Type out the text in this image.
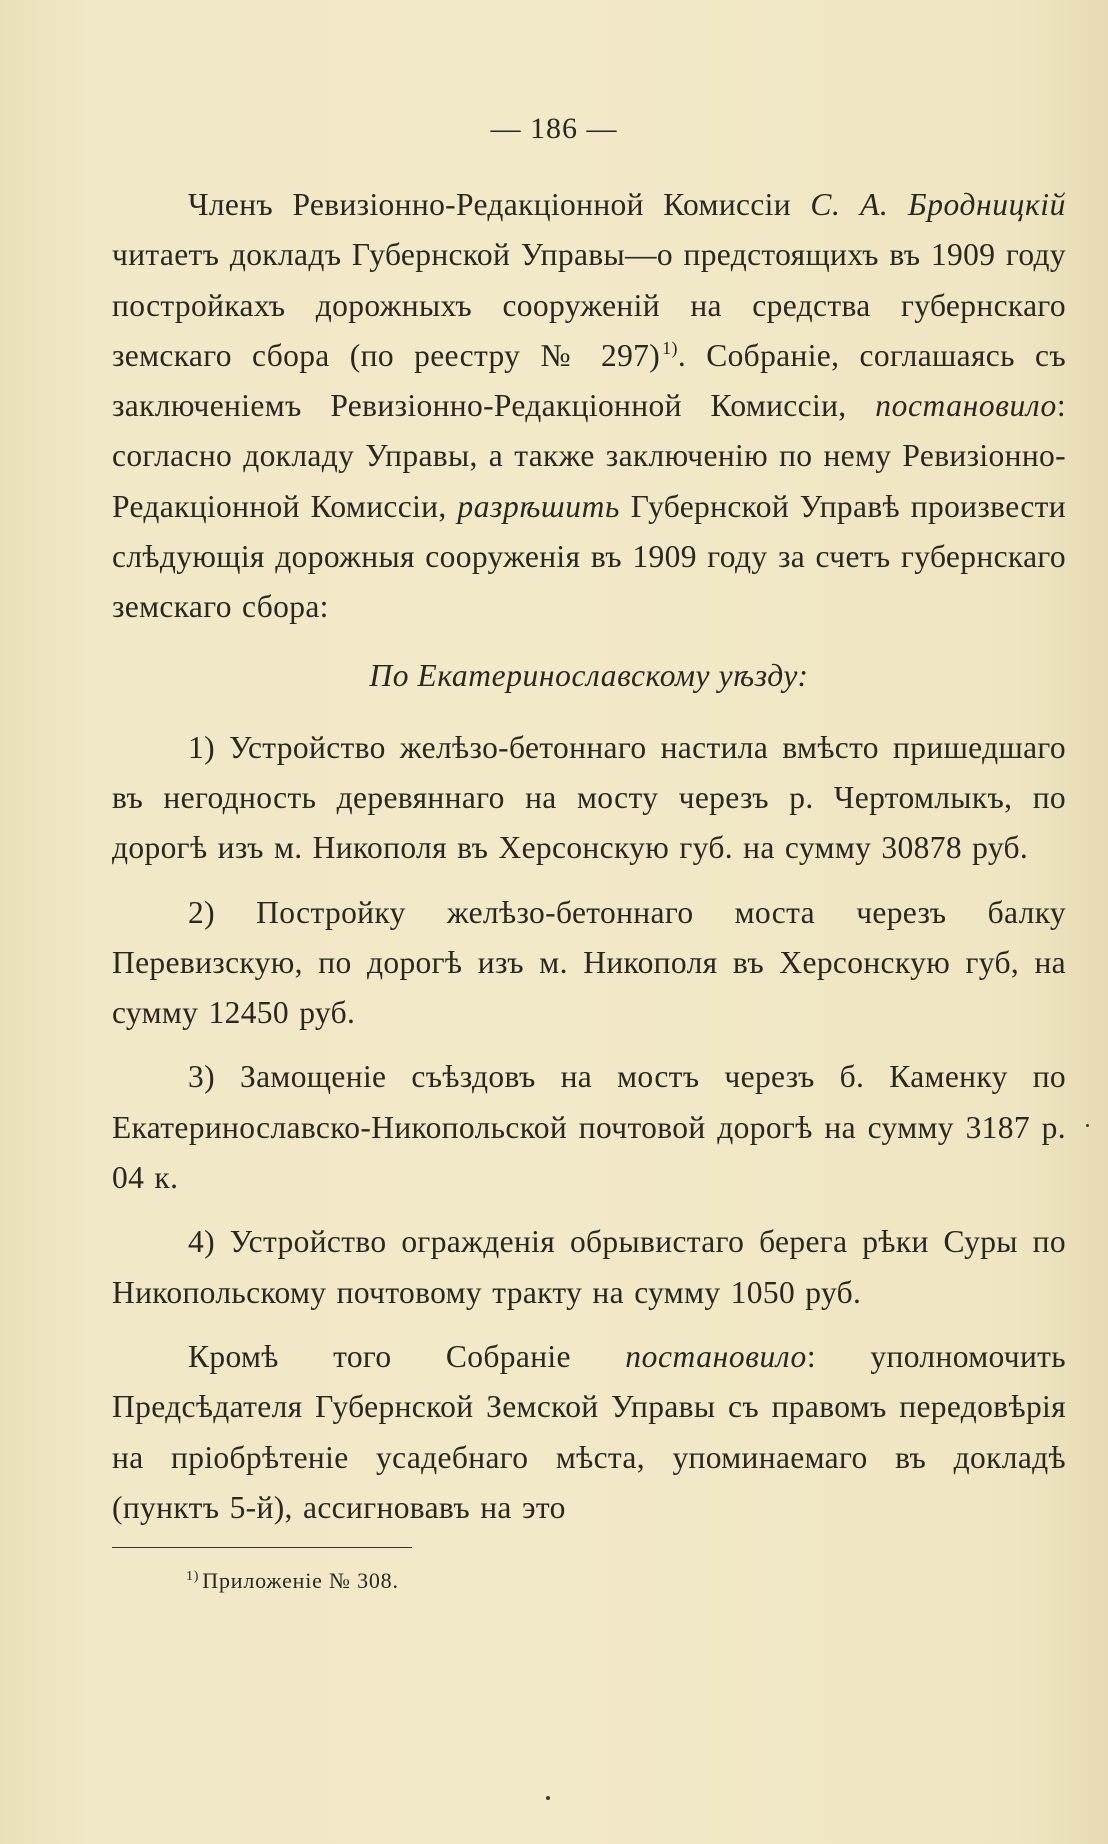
— 186 —

Членъ Ревизіонно-Редакціонной Комиссіи С. А. Бродницкій читаетъ докладъ Губернской Управы—о предстоящихъ въ 1909 году постройкахъ дорожныхъ сооруженій на средства губернскаго земскаго сбора (по реестру № 297) $^{1)}$. Собраніе, соглашаясь съ заключеніемъ Ревизіонно-Редакціонной Комиссіи, постановило: согласно докладу Управы, а также заключенію по нему Ревизіонно-Редакціонной Комиссіи, разрѣшить Губернской Управѣ произвести слѣдующія дорожныя сооруженія въ 1909 году за счетъ губернскаго земскаго сбора:

По Екатеринославскому уѣзду:

1) Устройство желѣзо-бетоннаго настила вмѣсто пришедшаго въ негодность деревяннаго на мосту черезъ р. Чертомлыкъ, по дорогѣ изъ м. Никополя въ Херсонскую губ. на сумму 30878 руб.

2) Постройку желѣзо-бетоннаго моста черезъ балку Перевизскую, по дорогѣ изъ м. Никополя въ Херсонскую губ, на сумму 12450 руб.

3) Замощеніе съѣздовъ на мостъ черезъ б. Каменку по Екатеринославско-Никопольской почтовой дорогѣ на сумму 3187 р. 04 к.

4) Устройство огражденія обрывистаго берега рѣки Суры по Никопольскому почтовому тракту на сумму 1050 руб.

Кромѣ того Собраніе постановило: уполномочить Предсѣдателя Губернской Земской Управы съ правомъ передовѣрія на пріобрѣтеніе усадебнаго мѣста, упоминаемаго въ докладѣ (пунктъ 5-й), ассигновавъ на это

$^{1)}$ Приложеніе № 308.
